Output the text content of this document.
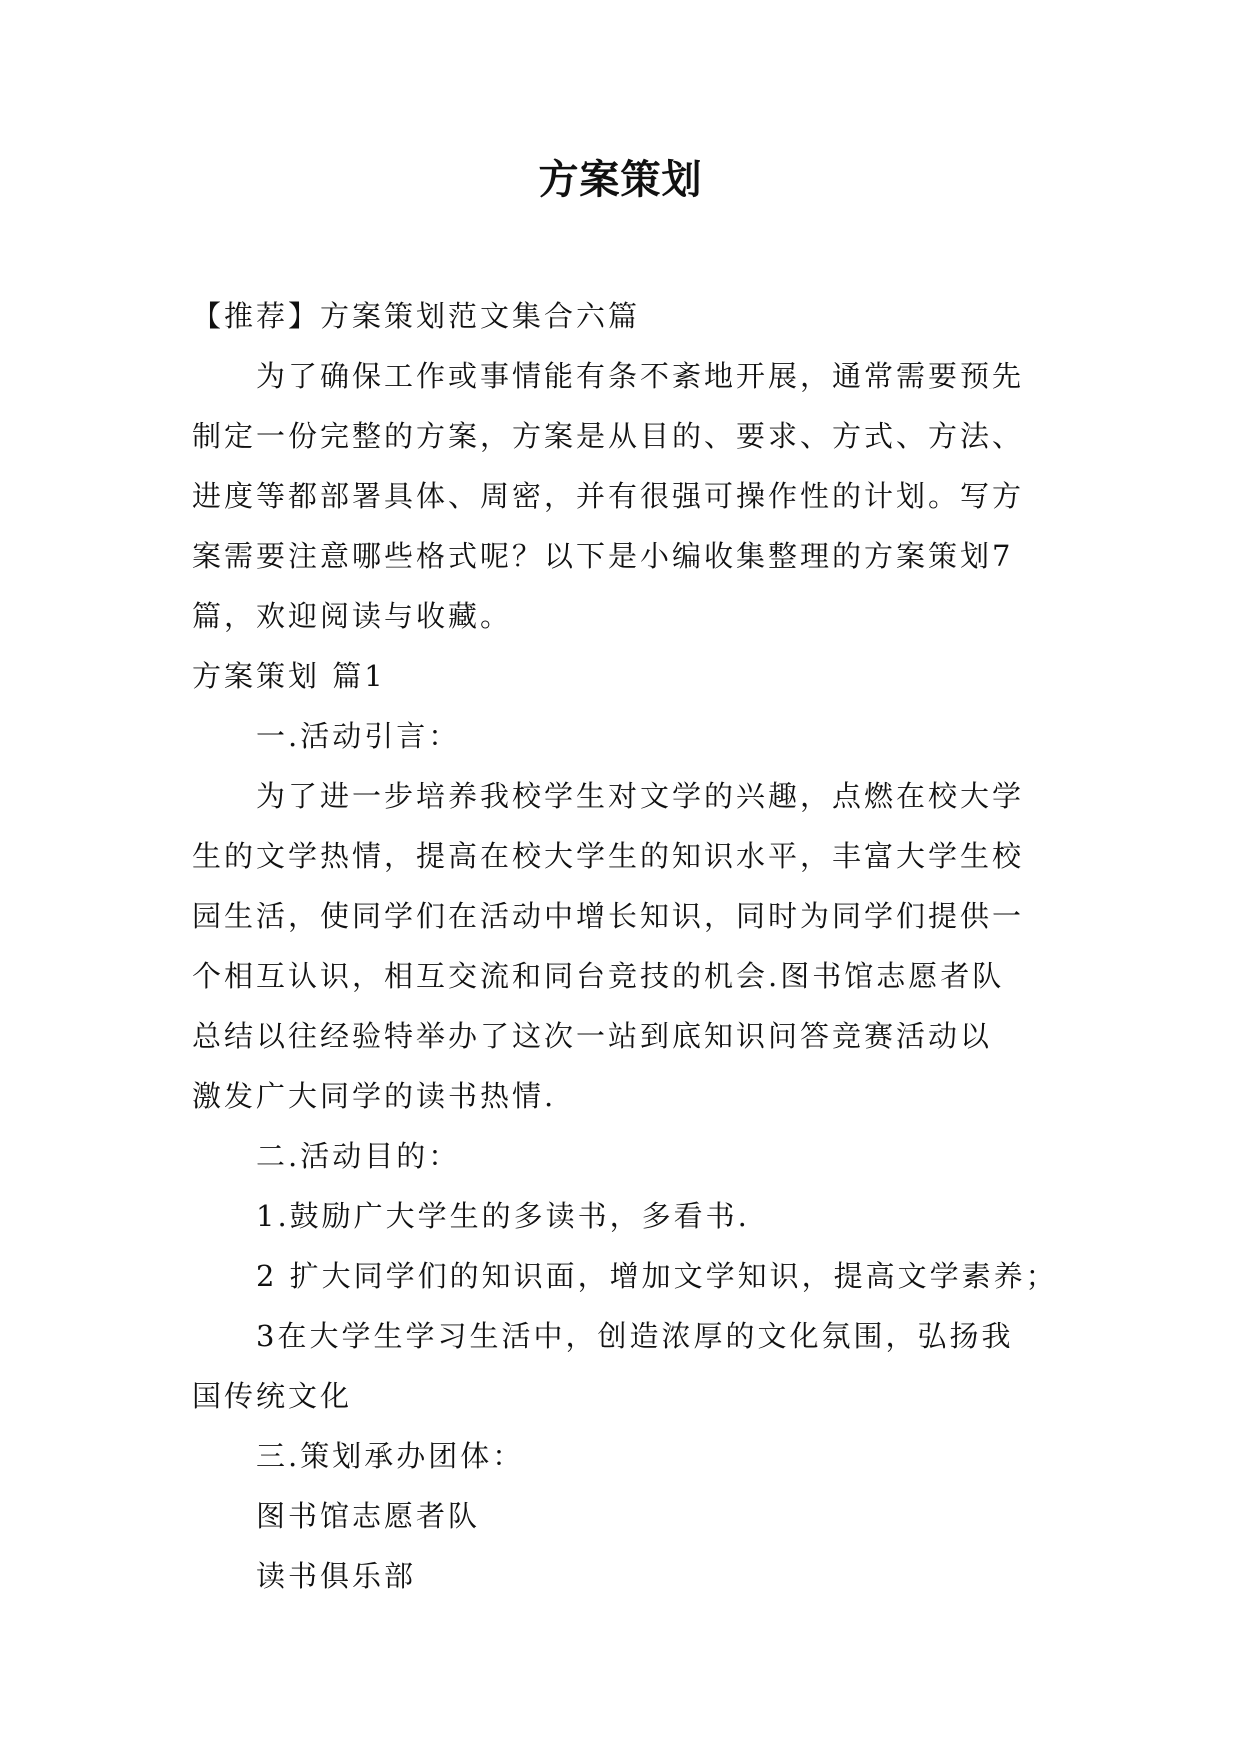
方案策划
【推荐】方案策划范文集合六篇
为了确保工作或事情能有条不紊地开展，通常需要预先
制定一份完整的方案，方案是从目的、要求、方式、方法、
进度等都部署具体、周密，并有很强可操作性的计划。写方
案需要注意哪些格式呢？以下是小编收集整理的方案策划7
篇，欢迎阅读与收藏。
方案策划 篇1
一.活动引言：
为了进一步培养我校学生对文学的兴趣，点燃在校大学
生的文学热情，提高在校大学生的知识水平，丰富大学生校
园生活，使同学们在活动中增长知识，同时为同学们提供一
个相互认识，相互交流和同台竞技的机会.图书馆志愿者队
总结以往经验特举办了这次一站到底知识问答竞赛活动以
激发广大同学的读书热情.
二.活动目的：
1.鼓励广大学生的多读书，多看书.
2 扩大同学们的知识面，增加文学知识，提高文学素养；
3在大学生学习生活中，创造浓厚的文化氛围，弘扬我
国传统文化
三.策划承办团体：
图书馆志愿者队
读书俱乐部
